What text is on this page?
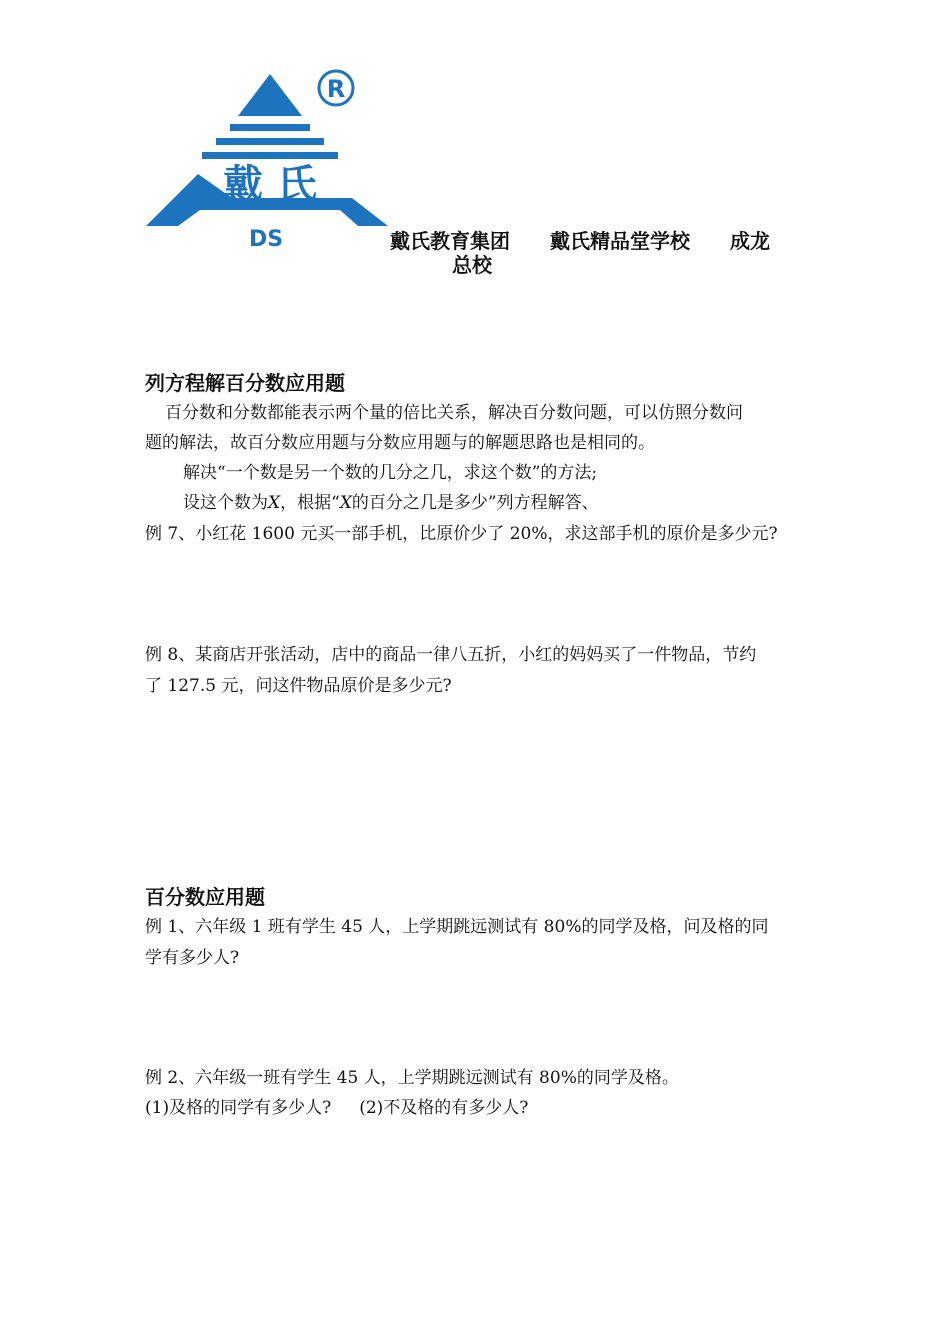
戴 氏
DS
R
戴氏教育集团 戴氏精品堂学校 成龙
总校
列方程解百分数应用题
百分数和分数都能表示两个量的倍比关系，解决百分数问题，可以仿照分数问
题的解法，故百分数应用题与分数应用题与的解题思路也是相同的。
解决“一个数是另一个数的几分之几，求这个数”的方法;
设这个数为X，根据“X的百分之几是多少”列方程解答、
例 7、小红花 1600 元买一部手机，比原价少了 20%，求这部手机的原价是多少元?
例 8、某商店开张活动，店中的商品一律八五折，小红的妈妈买了一件物品，节约
了 127.5 元，问这件物品原价是多少元?
百分数应用题
例 1、六年级 1 班有学生 45 人，上学期跳远测试有 80%的同学及格，问及格的同
学有多少人?
例 2、六年级一班有学生 45 人，上学期跳远测试有 80%的同学及格。
(1)及格的同学有多少人? (2)不及格的有多少人?
